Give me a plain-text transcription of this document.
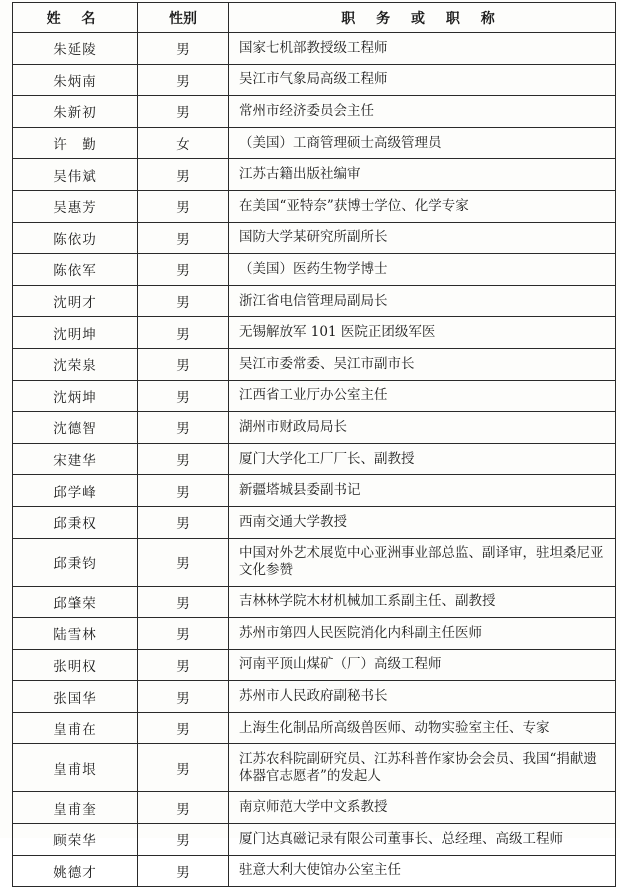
姓 名	性别	职 务 或 职 称
朱延陵	男	国家七机部教授级工程师
朱炳南	男	吴江市气象局高级工程师
朱新初	男	常州市经济委员会主任
许　勤	女	（美国）工商管理硕士高级管理员
吴伟斌	男	江苏古籍出版社编审
吴惠芳	男	在美国“亚特奈”获博士学位、化学专家
陈依功	男	国防大学某研究所副所长
陈依军	男	（美国）医药生物学博士
沈明才	男	浙江省电信管理局副局长
沈明坤	男	无锡解放军 101 医院正团级军医
沈荣泉	男	吴江市委常委、吴江市副市长
沈炳坤	男	江西省工业厅办公室主任
沈德智	男	湖州市财政局局长
宋建华	男	厦门大学化工厂厂长、副教授
邱学峰	男	新疆塔城县委副书记
邱秉权	男	西南交通大学教授
邱秉钧	男	中国对外艺术展览中心亚洲事业部总监、副译审，驻坦桑尼亚文化参赞
邱肇荣	男	吉林林学院木材机械加工系副主任、副教授
陆雪林	男	苏州市第四人民医院消化内科副主任医师
张明权	男	河南平顶山煤矿（厂）高级工程师
张国华	男	苏州市人民政府副秘书长
皇甫在	男	上海生化制品所高级兽医师、动物实验室主任、专家
皇甫垠	男	江苏农科院副研究员、江苏科普作家协会会员、我国“捐献遗体器官志愿者”的发起人
皇甫奎	男	南京师范大学中文系教授
顾荣华	男	厦门达真磁记录有限公司董事长、总经理、高级工程师
姚德才	男	驻意大利大使馆办公室主任
